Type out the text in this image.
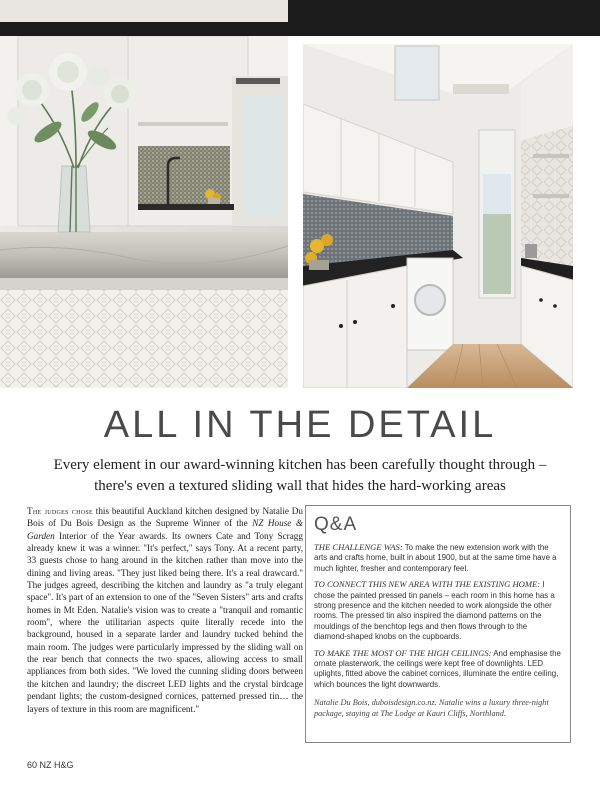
ALL IN THE DETAIL
Every element in our award-winning kitchen has been carefully thought through – there's even a textured sliding wall that hides the hard-working areas
The judges chose this beautiful Auckland kitchen designed by Natalie Du Bois of Du Bois Design as the Supreme Winner of the NZ House & Garden Interior of the Year awards. Its owners Cate and Tony Scragg already knew it was a winner. "It's perfect," says Tony. At a recent party, 33 guests chose to hang around in the kitchen rather than move into the dining and living areas. "They just liked being there. It's a real drawcard." The judges agreed, describing the kitchen and laundry as "a truly elegant space". It's part of an extension to one of the "Seven Sisters" arts and crafts homes in Mt Eden. Natalie's vision was to create a "tranquil and romantic room", where the utilitarian aspects quite literally recede into the background, housed in a separate larder and laundry tucked behind the main room. The judges were particularly impressed by the sliding wall on the rear bench that connects the two spaces, allowing access to small appliances from both sides. "We loved the cunning sliding doors between the kitchen and laundry; the discreet LED lights and the crystal birdcage pendant lights; the custom-designed cornices, patterned pressed tin… the layers of texture in this room are magnificent."
Q&A
THE CHALLENGE WAS: To make the new extension work with the arts and crafts home, built in about 1900, but at the same time have a much lighter, fresher and contemporary feel.
TO CONNECT THIS NEW AREA WITH THE EXISTING HOME: I chose the painted pressed tin panels – each room in this home has a strong presence and the kitchen needed to work alongside the other rooms. The pressed tin also inspired the diamond patterns on the mouldings of the benchtop legs and then flows through to the diamond-shaped knobs on the cupboards.
TO MAKE THE MOST OF THE HIGH CEILINGS: And emphasise the ornate plasterwork, the ceilings were kept free of downlights. LED uplights, fitted above the cabinet cornices, illuminate the entire ceiling, which bounces the light downwards.
Natalie Du Bois, duboisdesign.co.nz. Natalie wins a luxury three-night package, staying at The Lodge at Kauri Cliffs, Northland.
60 NZ H&G
